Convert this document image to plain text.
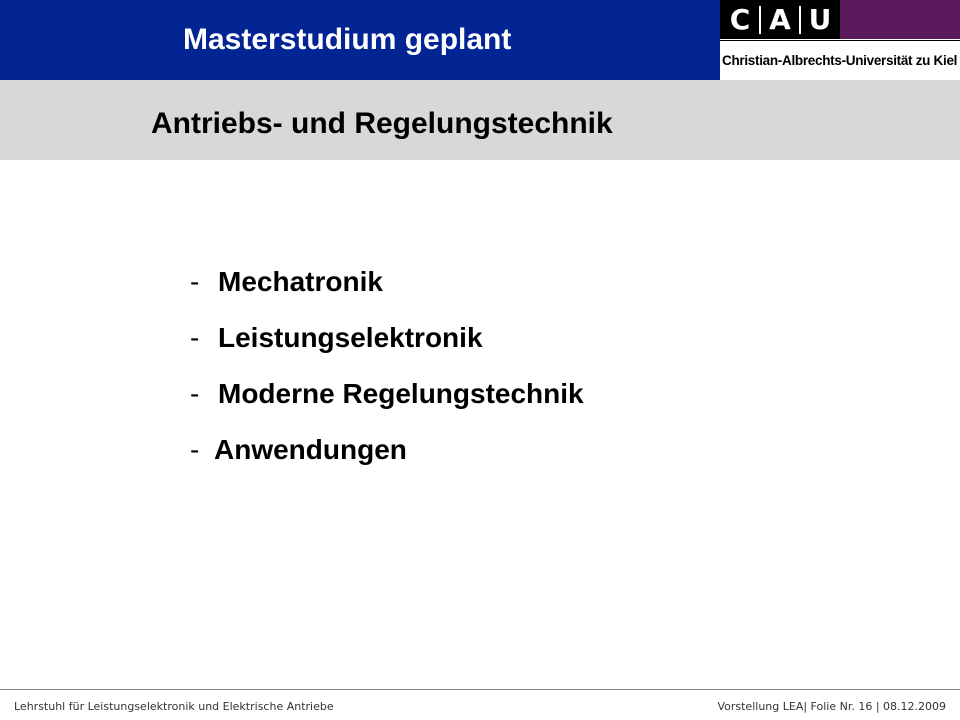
Masterstudium geplant
C A U
Christian-Albrechts-Universität zu Kiel
Antriebs- und Regelungstechnik
- Mechatronik
- Leistungselektronik
- Moderne Regelungstechnik
- Anwendungen
Lehrstuhl für Leistungselektronik und Elektrische Antriebe	Vorstellung LEA| Folie Nr. 16 | 08.12.2009
